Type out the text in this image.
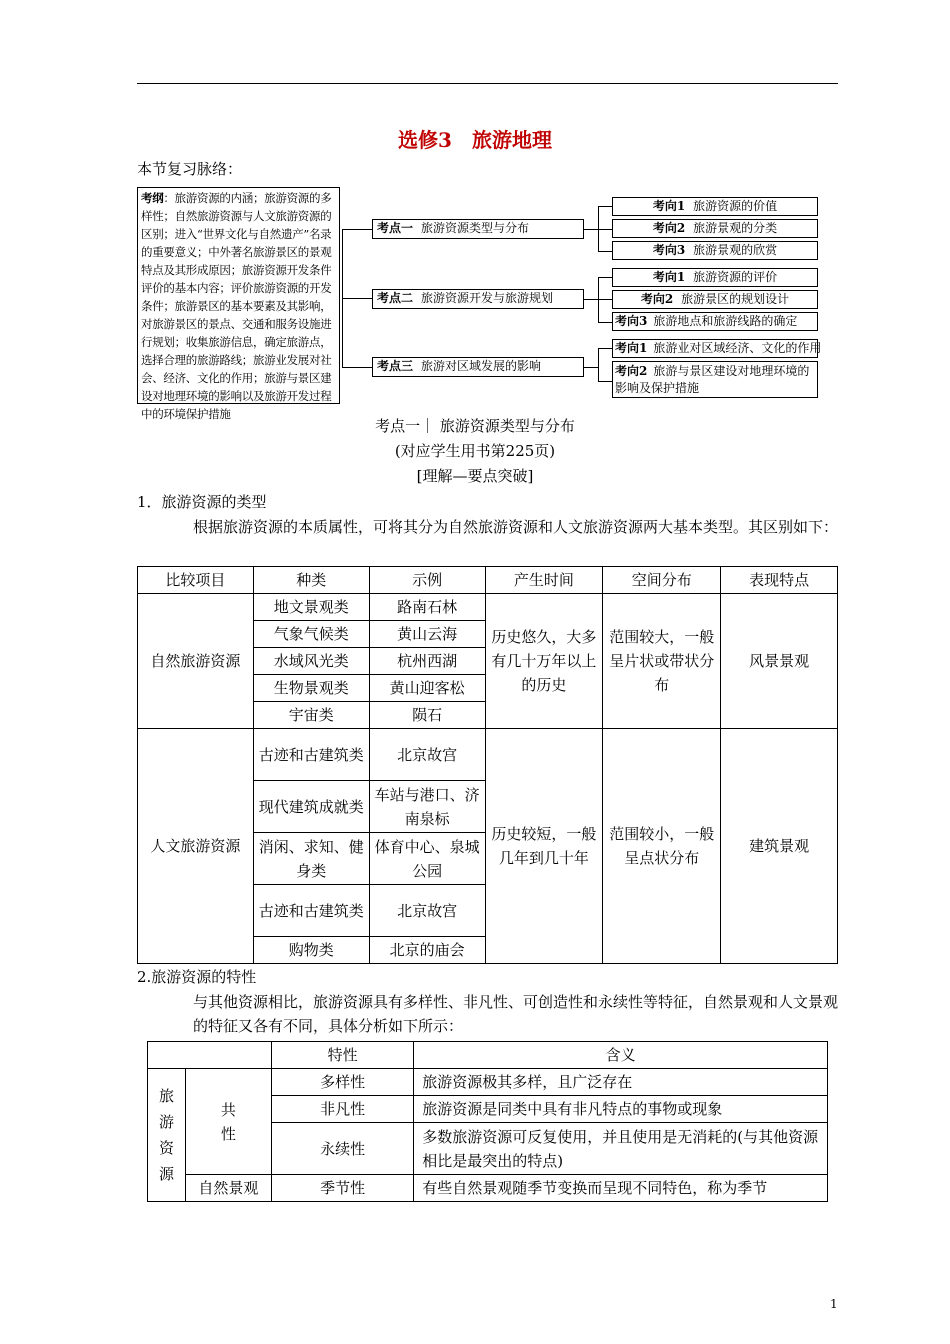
选修3　旅游地理
本节复习脉络：
考纲：旅游资源的内涵；旅游资源的多样性；自然旅游资源与人文旅游资源的区别；进入“世界文化与自然遗产”名录的重要意义；中外著名旅游景区的景观特点及其形成原因；旅游资源开发条件评价的基本内容；评价旅游资源的开发条件；旅游景区的基本要素及其影响，对旅游景区的景点、交通和服务设施进行规划；收集旅游信息，确定旅游点，选择合理的旅游路线；旅游业发展对社会、经济、文化的作用；旅游与景区建设对地理环境的影响以及旅游开发过程中的环境保护措施
考点一 旅游资源类型与分布
考点二 旅游资源开发与旅游规划
考点三 旅游对区域发展的影响
考向1 旅游资源的价值
考向2 旅游景观的分类
考向3 旅游景观的欣赏
考向1 旅游资源的评价
考向2 旅游景区的规划设计
考向3 旅游地点和旅游线路的确定
考向1 旅游业对区域经济、文化的作用
考向2 旅游与景区建设对地理环境的影响及保护措施
考点一｜ 旅游资源类型与分布
(对应学生用书第225页)
[理解—要点突破]
1．旅游资源的类型
根据旅游资源的本质属性，可将其分为自然旅游资源和人文旅游资源两大基本类型。其区别如下：
比较项目	种类	示例	产生时间	空间分布	表现特点
自然旅游资源	地文景观类	路南石林	历史悠久，大多有几十万年以上的历史	范围较大，一般呈片状或带状分布	风景景观
	气象气候类	黄山云海			
	水域风光类	杭州西湖			
	生物景观类	黄山迎客松			
	宇宙类	陨石			
人文旅游资源	古迹和古建筑类	北京故宫	历史较短，一般几年到几十年	范围较小，一般呈点状分布	建筑景观
	现代建筑成就类	车站与港口、济南泉标			
	消闲、求知、健身类	体育中心、泉城公园			
	古迹和古建筑类	北京故宫			
	购物类	北京的庙会			
2.旅游资源的特性
与其他资源相比，旅游资源具有多样性、非凡性、可创造性和永续性等特征，自然景观和人文景观的特征又各有不同，具体分析如下所示：
		特性	含义
旅游资源	共性	多样性	旅游资源极其多样，且广泛存在
		非凡性	旅游资源是同类中具有非凡特点的事物或现象
		永续性	多数旅游资源可反复使用，并且使用是无消耗的(与其他资源相比是最突出的特点)
	自然景观	季节性	有些自然景观随季节变换而呈现不同特色，称为季节
1
